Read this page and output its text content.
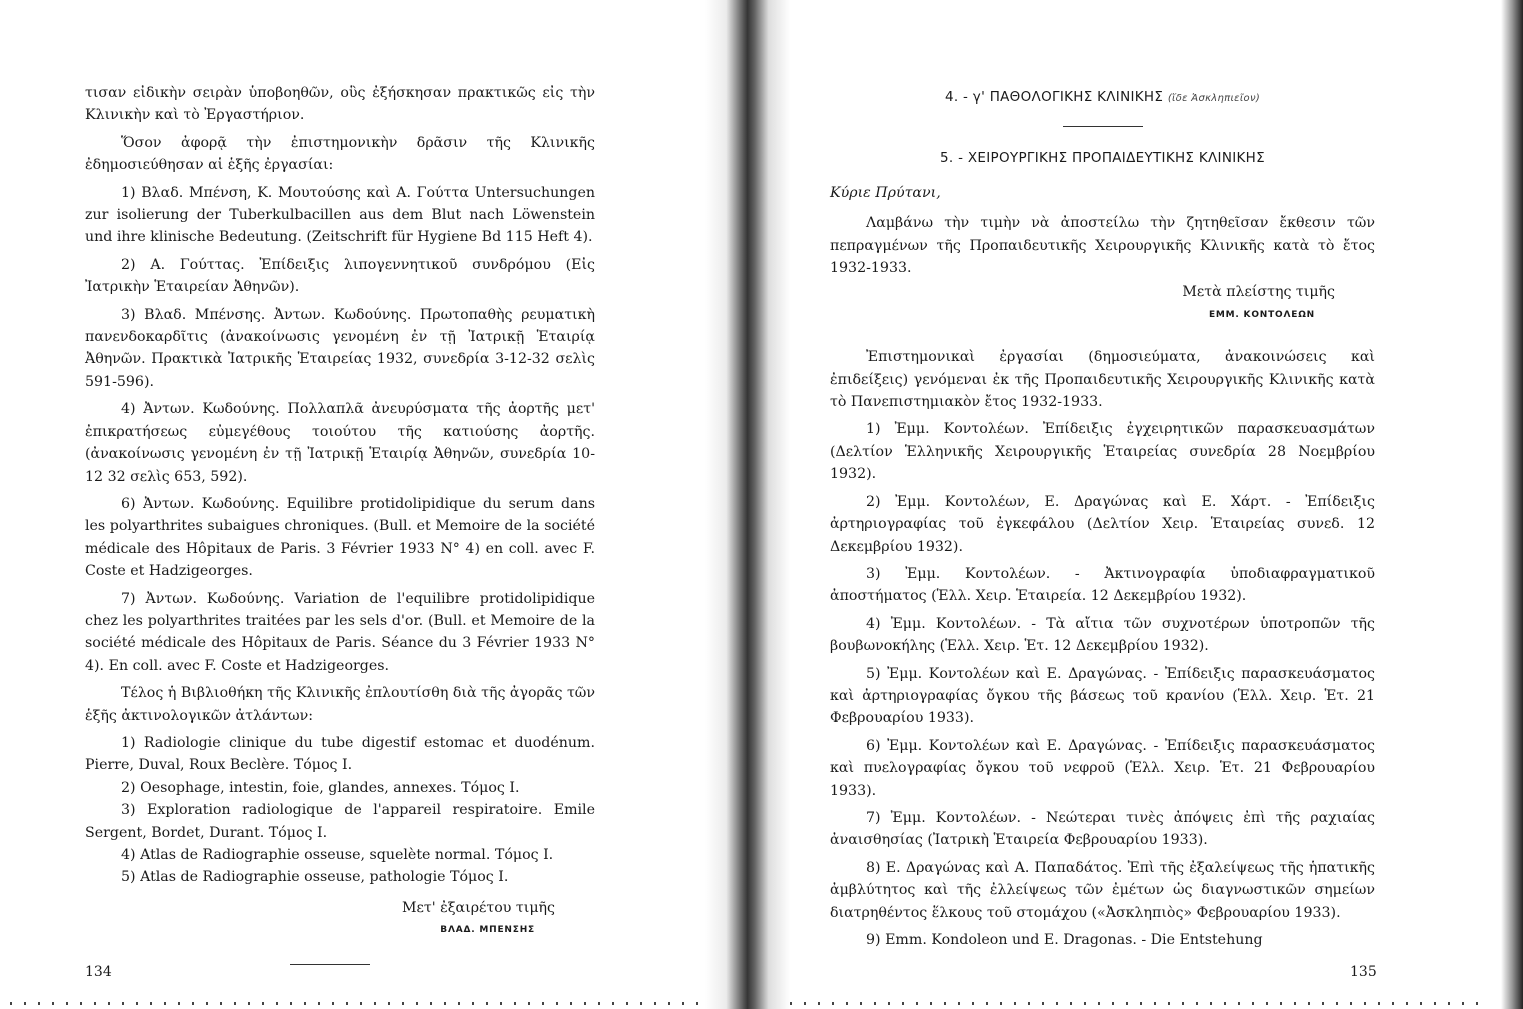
τισαν εἰδικὴν σειρὰν ὑποβοηθῶν, οὓς ἐξήσκησαν πρακτικῶς εἰς τὴν Κλινικὴν καὶ τὸ Ἐργαστήριον.

Ὅσον ἀφορᾷ τὴν ἐπιστημονικὴν δρᾶσιν τῆς Κλινικῆς ἐδημοσιεύθησαν αἱ ἑξῆς ἐργασίαι:

1) Βλαδ. Μπένση, Κ. Μουτούσης καὶ Α. Γούττα Untersuchungen zur isolierung der Tuberkulbacillen aus dem Blut nach Löwenstein und ihre klinische Bedeutung. (Zeitschrift für Hygiene Bd 115 Heft 4).

2) Α. Γούττας. Ἐπίδειξις λιπογεννητικοῦ συνδρόμου (Εἰς Ἰατρικὴν Ἑταιρείαν Ἀθηνῶν).

3) Βλαδ. Μπένσης. Ἀντων. Κωδούνης. Πρωτοπαθὴς ρευματικὴ πανενδοκαρδῖτις (ἀνακοίνωσις γενομένη ἐν τῇ Ἰατρικῇ Ἑταιρίᾳ Ἀθηνῶν. Πρακτικὰ Ἰατρικῆς Ἑταιρείας 1932, συνεδρία 3-12-32 σελὶς 591-596).

4) Ἀντων. Κωδούνης. Πολλαπλᾶ ἀνευρύσματα τῆς ἀορτῆς μετ' ἐπικρατήσεως εὐμεγέθους τοιούτου τῆς κατιούσης ἀορτῆς. (ἀνακοίνωσις γενομένη ἐν τῇ Ἰατρικῇ Ἑταιρίᾳ Ἀθηνῶν, συνεδρία 10-12 32 σελὶς 653, 592).

6) Ἀντων. Κωδούνης. Equilibre protidolipidique du serum dans les polyarthrites subaigues chroniques. (Bull. et Memoire de la société médicale des Hôpitaux de Paris. 3 Février 1933 N° 4) en coll. avec F. Coste et Hadzigeorges.

7) Ἀντων. Κωδούνης. Variation de l'equilibre protidolipidique chez les polyarthrites traitées par les sels d'or. (Bull. et Memoire de la société médicale des Hôpitaux de Paris. Séance du 3 Février 1933 N° 4). En coll. avec F. Coste et Hadzigeorges.

Τέλος ἡ Βιβλιοθήκη τῆς Κλινικῆς ἐπλουτίσθη διὰ τῆς ἀγορᾶς τῶν ἑξῆς ἀκτινολογικῶν ἀτλάντων:

1) Radiologie clinique du tube digestif estomac et duodénum. Pierre, Duval, Roux Beclère. Τόμος Ι.

2) Oesophage, intestin, foie, glandes, annexes. Τόμος Ι.

3) Exploration radiologique de l'appareil respiratoire. Emile Sergent, Bordet, Durant. Τόμος Ι.

4) Atlas de Radiographie osseuse, squelète normal. Τόμος Ι.

5) Atlas de Radiographie osseuse, pathologie Τόμος Ι.

Μετ' ἐξαιρέτου τιμῆς

ΒΛΑΔ. ΜΠΕΝΣΗΣ

134

4. - γ' ΠΑΘΟΛΟΓΙΚΗΣ ΚΛΙΝΙΚΗΣ (ἴδε Ἀσκληπιεῖον)

5. - ΧΕΙΡΟΥΡΓΙΚΗΣ ΠΡΟΠΑΙΔΕΥΤΙΚΗΣ ΚΛΙΝΙΚΗΣ

Κύριε Πρύτανι,

Λαμβάνω τὴν τιμὴν νὰ ἀποστείλω τὴν ζητηθεῖσαν ἔκθεσιν τῶν πεπραγμένων τῆς Προπαιδευτικῆς Χειρουργικῆς Κλινικῆς κατὰ τὸ ἔτος 1932-1933.

Μετὰ πλείστης τιμῆς

ΕΜΜ. ΚΟΝΤΟΛΕΩΝ

Ἐπιστημονικαὶ ἐργασίαι (δημοσιεύματα, ἀνακοινώσεις καὶ ἐπιδείξεις) γενόμεναι ἐκ τῆς Προπαιδευτικῆς Χειρουργικῆς Κλινικῆς κατὰ τὸ Πανεπιστημιακὸν ἔτος 1932-1933.

1) Ἐμμ. Κοντολέων. Ἐπίδειξις ἐγχειρητικῶν παρασκευασμάτων (Δελτίον Ἑλληνικῆς Χειρουργικῆς Ἑταιρείας συνεδρία 28 Νοεμβρίου 1932).

2) Ἐμμ. Κοντολέων, Ε. Δραγώνας καὶ Ε. Χάρτ. - Ἐπίδειξις ἀρτηριογραφίας τοῦ ἐγκεφάλου (Δελτίον Χειρ. Ἑταιρείας συνεδ. 12 Δεκεμβρίου 1932).

3) Ἐμμ. Κοντολέων. - Ἀκτινογραφία ὑποδιαφραγματικοῦ ἀποστήματος (Ἑλλ. Χειρ. Ἑταιρεία. 12 Δεκεμβρίου 1932).

4) Ἐμμ. Κοντολέων. - Τὰ αἴτια τῶν συχνοτέρων ὑποτροπῶν τῆς βουβωνοκήλης (Ἑλλ. Χειρ. Ἑτ. 12 Δεκεμβρίου 1932).

5) Ἐμμ. Κοντολέων καὶ Ε. Δραγώνας. - Ἐπίδειξις παρασκευάσματος καὶ ἀρτηριογραφίας ὄγκου τῆς βάσεως τοῦ κρανίου (Ἑλλ. Χειρ. Ἑτ. 21 Φεβρουαρίου 1933).

6) Ἐμμ. Κοντολέων καὶ Ε. Δραγώνας. - Ἐπίδειξις παρασκευάσματος καὶ πυελογραφίας ὄγκου τοῦ νεφροῦ (Ἑλλ. Χειρ. Ἑτ. 21 Φεβρουαρίου 1933).

7) Ἐμμ. Κοντολέων. - Νεώτεραι τινὲς ἀπόψεις ἐπὶ τῆς ραχιαίας ἀναισθησίας (Ἰατρικὴ Ἑταιρεία Φεβρουαρίου 1933).

8) Ε. Δραγώνας καὶ Α. Παπαδάτος. Ἐπὶ τῆς ἐξαλείψεως τῆς ἡπατικῆς ἀμβλύτητος καὶ τῆς ἐλλείψεως τῶν ἐμέτων ὡς διαγνωστικῶν σημείων διατρηθέντος ἕλκους τοῦ στομάχου («Ἀσκληπιὸς» Φεβρουαρίου 1933).

9) Emm. Kondoleon und E. Dragonas. - Die Entstehung

135
